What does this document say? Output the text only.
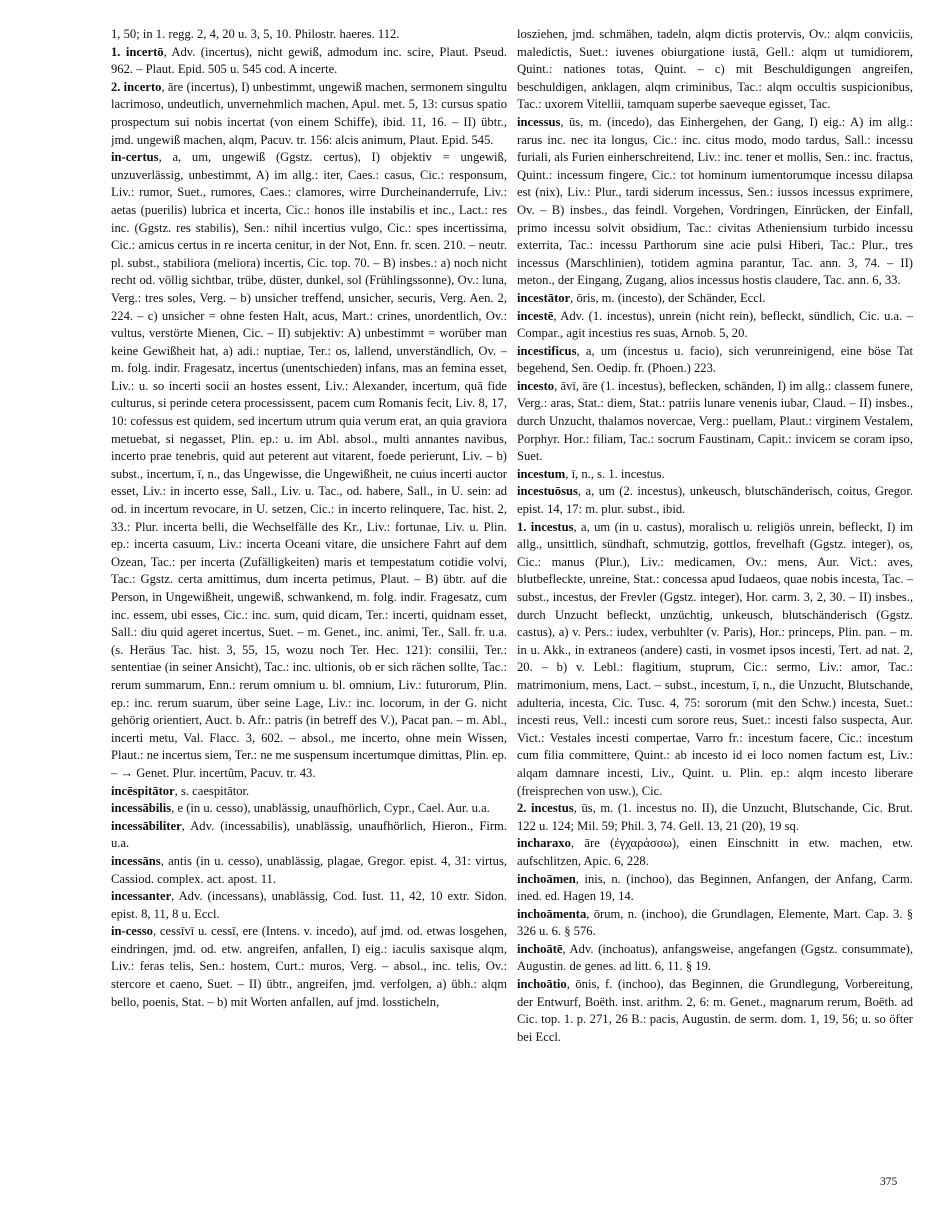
1, 50; in 1. regg. 2, 4, 20 u. 3, 5, 10. Philostr. haeres. 112.

1. incertō, Adv. (incertus), nicht gewiß, admodum inc. scire, Plaut. Pseud. 962. – Plaut. Epid. 505 u. 545 cod. A incerte.

2. incerto, āre (incertus), I) unbestimmt, ungewiß machen, sermonem singultu lacrimoso, undeutlich, unvernehmlich machen, Apul. met. 5, 13: cursus spatio prospectum sui nobis incertat (von einem Schiffe), ibid. 11, 16. – II) übtr., jmd. ungewiß machen, alqm, Pacuv. tr. 156: alcis animum, Plaut. Epid. 545.

in-certus, a, um, ungewiß (Ggstz. certus), I) objektiv = ungewiß, unzuverlässig, unbestimmt, A) im allg.: iter, Caes.: casus, Cic.: responsum, Liv.: rumor, Suet., rumores, Caes.: clamores, wirre Durcheinanderrufe, Liv.: aetas (puerilis) lubrica et incerta, Cic.: honos ille instabilis et inc., Lact.: res inc. (Ggstz. res stabilis), Sen.: nihil incertius vulgo, Cic.: spes incertissima, Cic.: amicus certus in re incerta cenitur, in der Not, Enn. fr. scen. 210. – neutr. pl. subst., stabiliora (meliora) incertis, Cic. top. 70. – B) insbes.: a) noch nicht recht od. völlig sichtbar, trübe, düster, dunkel, sol (Frühlingssonne), Ov.: luna, Verg.: tres soles, Verg. – b) unsicher treffend, unsicher, securis, Verg. Aen. 2, 224. – c) unsicher = ohne festen Halt, acus, Mart.: crines, unordentlich, Ov.: vultus, verstörte Mienen, Cic. – II) subjektiv: A) unbestimmt = worüber man keine Gewißheit hat, a) adi.: nuptiae, Ter.: os, lallend, unverständlich, Ov. – m. folg. indir. Fragesatz, incertus (unentschieden) infans, mas an femina esset, Liv.: u. so incerti socii an hostes essent, Liv.: Alexander, incertum, quā fide culturus, si perinde cetera processissent, pacem cum Romanis fecit, Liv. 8, 17, 10: cofessus est quidem, sed incertum utrum quia verum erat, an quia graviora metuebat, si negasset, Plin. ep.: u. im Abl. absol., multi annantes navibus, incerto prae tenebris, quid aut peterent aut vitarent, foede perierunt, Liv. – b) subst., incertum, ī, n., das Ungewisse, die Ungewißheit, ne cuius incerti auctor esset, Liv.: in incerto esse, Sall., Liv. u. Tac., od. habere, Sall., in U. sein: ad od. in incertum revocare, in U. setzen, Cic.: in incerto relinquere, Tac. hist. 2, 33.: Plur. incerta belli, die Wechselfälle des Kr., Liv.: fortunae, Liv. u. Plin. ep.: incerta casuum, Liv.: incerta Oceani vitare, die unsichere Fahrt auf dem Ozean, Tac.: per incerta (Zufälligkeiten) maris et tempestatum cotidie volvi, Tac.: Ggstz. certa amittimus, dum incerta petimus, Plaut. – B) übtr. auf die Person, in Ungewißheit, ungewiß, schwankend, m. folg. indir. Fragesatz, cum inc. essem, ubi esses, Cic.: inc. sum, quid dicam, Ter.: incerti, quidnam esset, Sall.: diu quid ageret incertus, Suet. – m. Genet., inc. animi, Ter., Sall. fr. u.a. (s. Heräus Tac. hist. 3, 55, 15, wozu noch Ter. Hec. 121): consilii, Ter.: sententiae (in seiner Ansicht), Tac.: inc. ultionis, ob er sich rächen sollte, Tac.: rerum summarum, Enn.: rerum omnium u. bl. omnium, Liv.: futurorum, Plin. ep.: inc. rerum suarum, über seine Lage, Liv.: inc. locorum, in der G. nicht gehörig orientiert, Auct. b. Afr.: patris (in betreff des V.), Pacat pan. – m. Abl., incerti metu, Val. Flacc. 3, 602. – absol., me incerto, ohne mein Wissen, Plaut.: ne incertus siem, Ter.: ne me suspensum incertumque dimittas, Plin. ep. – → Genet. Plur. incertûm, Pacuv. tr. 43.

incēspitātor, s. caespitātor.

incessābilis, e (in u. cesso), unablässig, unaufhörlich, Cypr., Cael. Aur. u.a.

incessābiliter, Adv. (incessabilis), unablässig, unaufhörlich, Hieron., Firm. u.a.

incessāns, antis (in u. cesso), unablässig, plagae, Gregor. epist. 4, 31: virtus, Cassiod. complex. act. apost. 11.

incessanter, Adv. (incessans), unablässig, Cod. Iust. 11, 42, 10 extr. Sidon. epist. 8, 11, 8 u. Eccl.

in-cesso, cessīvī u. cessī, ere (Intens. v. incedo), auf jmd. od. etwas losgehen, eindringen, jmd. od. etw. angreifen, anfallen, I) eig.: iaculis saxisque alqm, Liv.: feras telis, Sen.: hostem, Curt.: muros, Verg. – absol., inc. telis, Ov.: stercore et caeno, Suet. – II) übtr., angreifen, jmd. verfolgen, a) übh.: alqm bello, poenis, Stat. – b) mit Worten anfallen, auf jmd. lossticheln,

losziehen, jmd. schmähen, tadeln, alqm dictis protervis, Ov.: alqm conviciis, maledictis, Suet.: iuvenes obiurgatione iustā, Gell.: alqm ut tumidiorem, Quint.: nationes totas, Quint. – c) mit Beschuldigungen angreifen, beschuldigen, anklagen, alqm criminibus, Tac.: alqm occultis suspicionibus, Tac.: uxorem Vitellii, tamquam superbe saeveque egisset, Tac.

incessus, ūs, m. (incedo), das Einhergehen, der Gang, I) eig.: A) im allg.: rarus inc. nec ita longus, Cic.: inc. citus modo, modo tardus, Sall.: incessu furiali, als Furien einherschreitend, Liv.: inc. tener et mollis, Sen.: inc. fractus, Quint.: incessum fingere, Cic.: tot hominum iumentorumque incessu dilapsa est (nix), Liv.: Plur., tardi siderum incessus, Sen.: iussos incessus exprimere, Ov. – B) insbes., das feindl. Vorgehen, Vordringen, Einrücken, der Einfall, primo incessu solvit obsidium, Tac.: civitas Atheniensium turbido incessu exterrita, Tac.: incessu Parthorum sine acie pulsi Hiberi, Tac.: Plur., tres incessus (Marschlinien), totidem agmina parantur, Tac. ann. 3, 74. – II) meton., der Eingang, Zugang, alios incessus hostis claudere, Tac. ann. 6, 33.

incestātor, ōris, m. (incesto), der Schänder, Eccl.

incestē, Adv. (1. incestus), unrein (nicht rein), befleckt, sündlich, Cic. u.a. – Compar., agit incestius res suas, Arnob. 5, 20.

incestificus, a, um (incestus u. facio), sich verunreinigend, eine böse Tat begehend, Sen. Oedip. fr. (Phoen.) 223.

incesto, āvī, āre (1. incestus), beflecken, schänden, I) im allg.: classem funere, Verg.: aras, Stat.: diem, Stat.: patriis lunare venenis iubar, Claud. – II) insbes., durch Unzucht, thalamos novercae, Verg.: puellam, Plaut.: virginem Vestalem, Porphyr. Hor.: filiam, Tac.: socrum Faustinam, Capit.: invicem se coram ipso, Suet.

incestum, ī, n., s. 1. incestus.

incestuōsus, a, um (2. incestus), unkeusch, blutschänderisch, coitus, Gregor. epist. 14, 17: m. plur. subst., ibid.

1. incestus, a, um (in u. castus), moralisch u. religiös unrein, befleckt, I) im allg., unsittlich, sündhaft, schmutzig, gottlos, frevelhaft (Ggstz. integer), os, Cic.: manus (Plur.), Liv.: medicamen, Ov.: mens, Aur. Vict.: aves, blutbefleckte, unreine, Stat.: concessa apud Iudaeos, quae nobis incesta, Tac. – subst., incestus, der Frevler (Ggstz. integer), Hor. carm. 3, 2, 30. – II) insbes., durch Unzucht befleckt, unzüchtig, unkeusch, blutschänderisch (Ggstz. castus), a) v. Pers.: iudex, verbuhlter (v. Paris), Hor.: princeps, Plin. pan. – m. in u. Akk., in extraneos (andere) casti, in vosmet ipsos incesti, Tert. ad nat. 2, 20. – b) v. Lebl.: flagitium, stuprum, Cic.: sermo, Liv.: amor, Tac.: matrimonium, mens, Lact. – subst., incestum, ī, n., die Unzucht, Blutschande, adulteria, incesta, Cic. Tusc. 4, 75: sororum (mit den Schw.) incesta, Suet.: incesti reus, Vell.: incesti cum sorore reus, Suet.: incesti falso suspecta, Aur. Vict.: Vestales incesti compertae, Varro fr.: incestum facere, Cic.: incestum cum filia committere, Quint.: ab incesto id ei loco nomen factum est, Liv.: alqam damnare incesti, Liv., Quint. u. Plin. ep.: alqm incesto liberare (freisprechen von usw.), Cic.

2. incestus, ūs, m. (1. incestus no. II), die Unzucht, Blutschande, Cic. Brut. 122 u. 124; Mil. 59; Phil. 3, 74. Gell. 13, 21 (20), 19 sq.

incharaxo, āre (ἐγχαράσσω), einen Einschnitt in etw. machen, etw. aufschlitzen, Apic. 6, 228.

inchoāmen, inis, n. (inchoo), das Beginnen, Anfangen, der Anfang, Carm. ined. ed. Hagen 19, 14.

inchoāmenta, ōrum, n. (inchoo), die Grundlagen, Elemente, Mart. Cap. 3. § 326 u. 6. § 576.

inchoātē, Adv. (inchoatus), anfangsweise, angefangen (Ggstz. consummate), Augustin. de genes. ad litt. 6, 11. § 19.

inchoātio, ōnis, f. (inchoo), das Beginnen, die Grundlegung, Vorbereitung, der Entwurf, Boëth. inst. arithm. 2, 6: m. Genet., magnarum rerum, Boëth. ad Cic. top. 1. p. 271, 26 B.: pacis, Augustin. de serm. dom. 1, 19, 56; u. so öfter bei Eccl.

375
